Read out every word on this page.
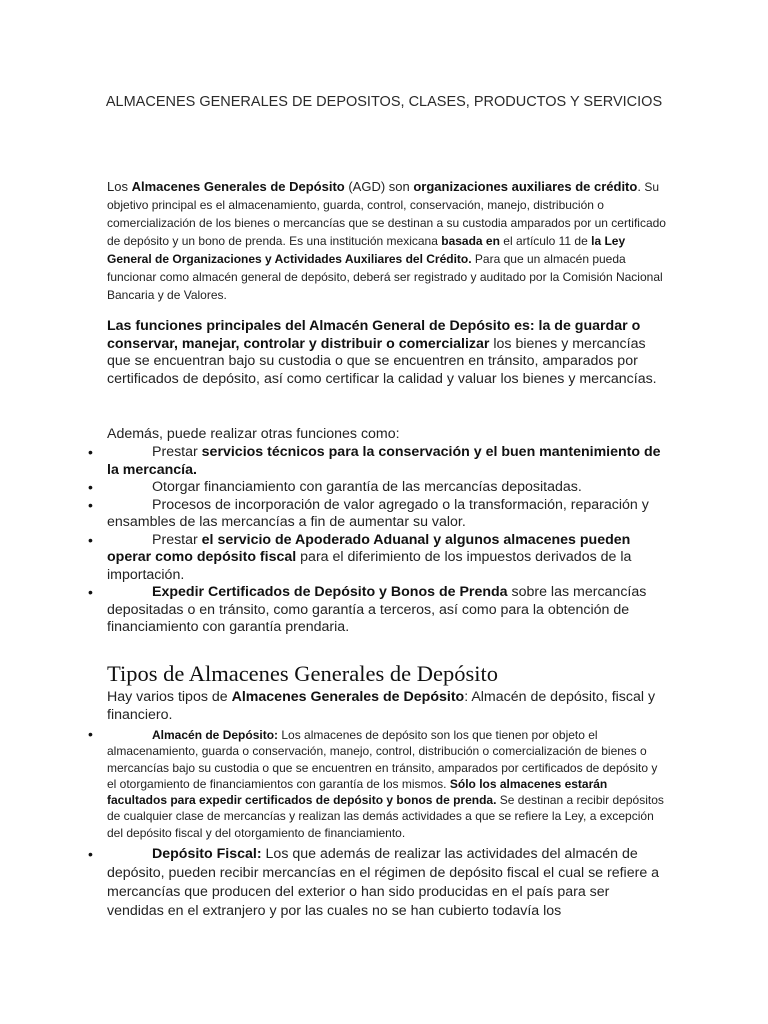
ALMACENES GENERALES DE DEPOSITOS, CLASES, PRODUCTOS Y SERVICIOS

Los Almacenes Generales de Depósito (AGD) son organizaciones auxiliares de crédito. Su objetivo principal es el almacenamiento, guarda, control, conservación, manejo, distribución o comercialización de los bienes o mercancías que se destinan a su custodia amparados por un certificado de depósito y un bono de prenda. Es una institución mexicana basada en el artículo 11 de la Ley General de Organizaciones y Actividades Auxiliares del Crédito. Para que un almacén pueda funcionar como almacén general de depósito, deberá ser registrado y auditado por la Comisión Nacional Bancaria y de Valores.

Las funciones principales del Almacén General de Depósito es: la de guardar o conservar, manejar, controlar y distribuir o comercializar los bienes y mercancías que se encuentran bajo su custodia o que se encuentren en tránsito, amparados por certificados de depósito, así como certificar la calidad y valuar los bienes y mercancías.

Además, puede realizar otras funciones como:

•	Prestar servicios técnicos para la conservación y el buen mantenimiento de la mercancía.
•	Otorgar financiamiento con garantía de las mercancías depositadas.
•	Procesos de incorporación de valor agregado o la transformación, reparación y ensambles de las mercancías a fin de aumentar su valor.
•	Prestar el servicio de Apoderado Aduanal y algunos almacenes pueden operar como depósito fiscal para el diferimiento de los impuestos derivados de la importación.
•	Expedir Certificados de Depósito y Bonos de Prenda sobre las mercancías depositadas o en tránsito, como garantía a terceros, así como para la obtención de financiamiento con garantía prendaria.
Tipos de Almacenes Generales de Depósito

Hay varios tipos de Almacenes Generales de Depósito: Almacén de depósito, fiscal y financiero.

•	Almacén de Depósito: Los almacenes de depósito son los que tienen por objeto el almacenamiento, guarda o conservación, manejo, control, distribución o comercialización de bienes o mercancías bajo su custodia o que se encuentren en tránsito, amparados por certificados de depósito y el otorgamiento de financiamientos con garantía de los mismos. Sólo los almacenes estarán facultados para expedir certificados de depósito y bonos de prenda. Se destinan a recibir depósitos de cualquier clase de mercancías y realizan las demás actividades a que se refiere la Ley, a excepción del depósito fiscal y del otorgamiento de financiamiento.
•	Depósito Fiscal: Los que además de realizar las actividades del almacén de depósito, pueden recibir mercancías en el régimen de depósito fiscal el cual se refiere a mercancías que producen del exterior o han sido producidas en el país para ser vendidas en el extranjero y por las cuales no se han cubierto todavía los
